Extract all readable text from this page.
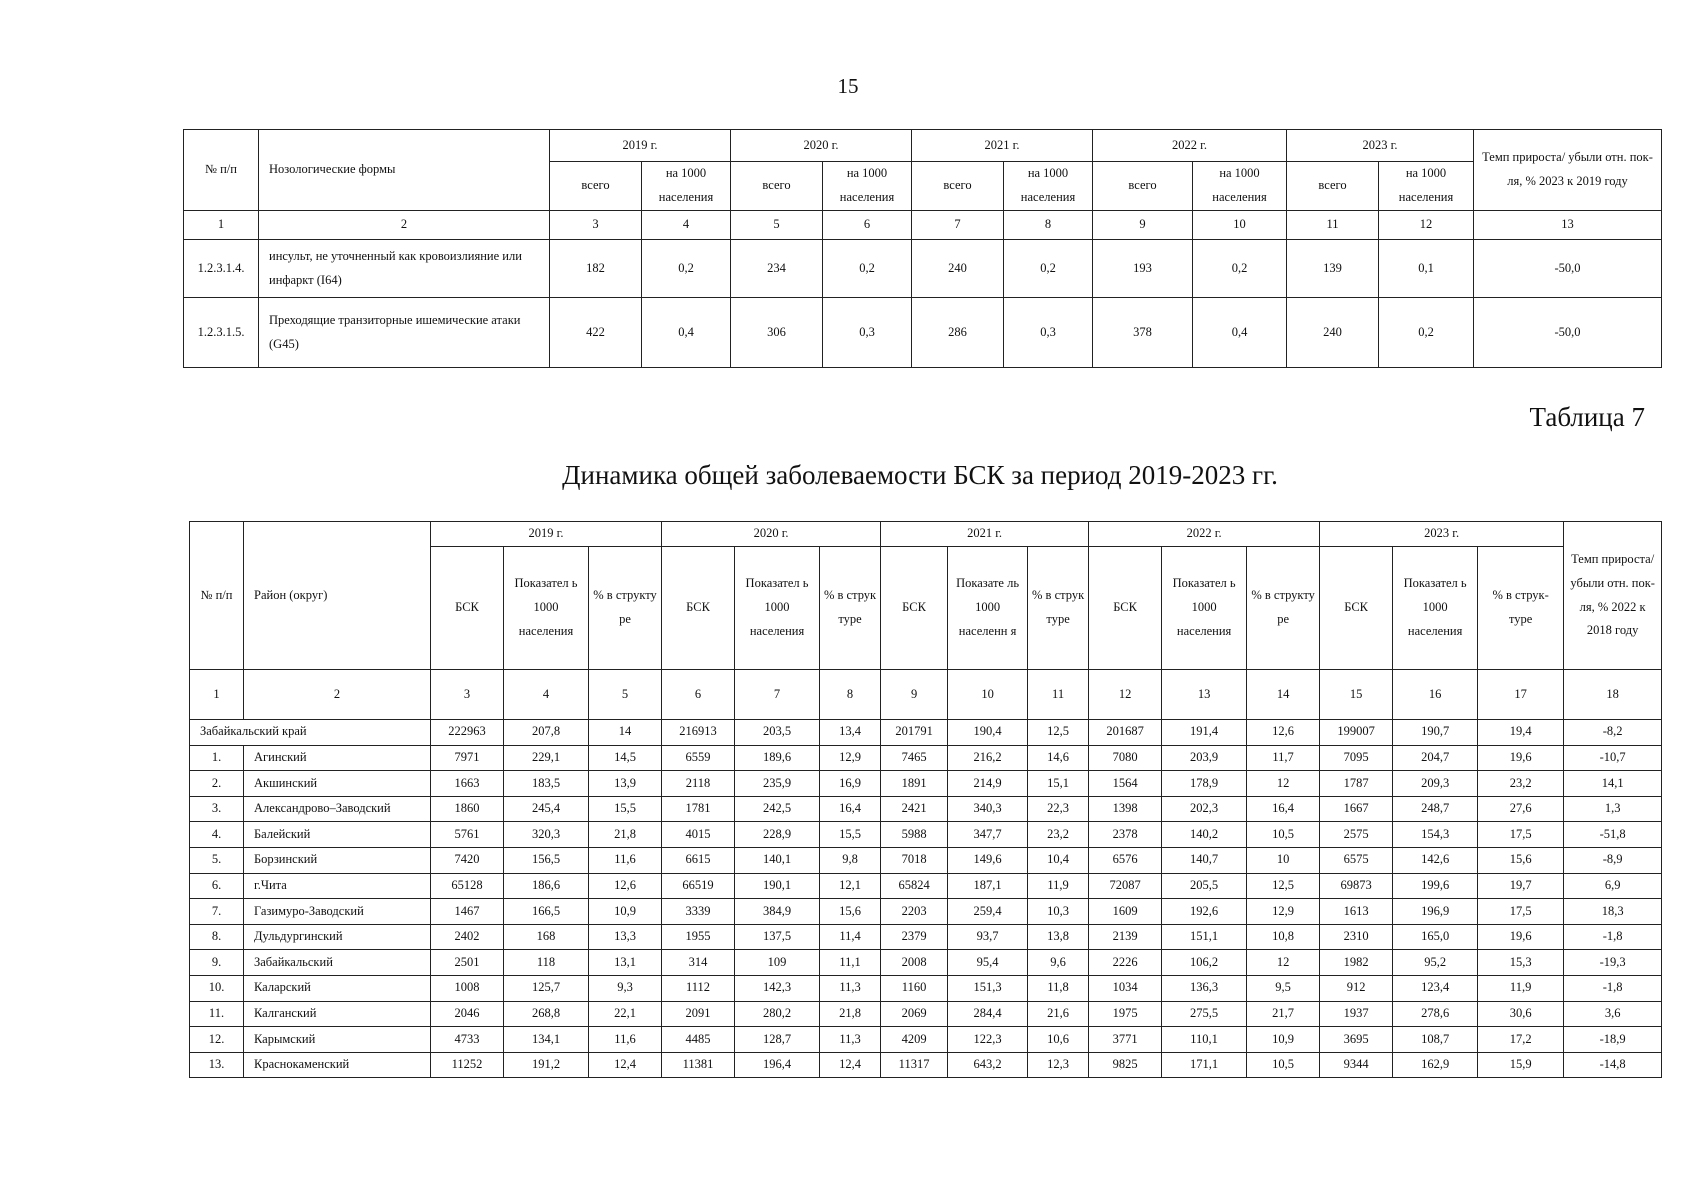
15
№ п/п	Нозологические формы	2019 г.		2020 г.		2021 г.		2022 г.		2023 г.		Темп прироста/ убыли отн. пок-ля, % 2023 к 2019 году
		всего	на 1000 населения	всего	на 1000 населения	всего	на 1000 населения	всего	на 1000 населения	всего	на 1000 населения	
1	2	3	4	5	6	7	8	9	10	11	12	13
1.2.3.1.4.	инсульт, не уточненный как кровоизлияние или инфаркт (I64)	182	0,2	234	0,2	240	0,2	193	0,2	139	0,1	-50,0
1.2.3.1.5.	Преходящие транзиторные ишемические атаки (G45)	422	0,4	306	0,3	286	0,3	378	0,4	240	0,2	-50,0
Таблица 7
Динамика общей заболеваемости БСК за период 2019-2023 гг.
№ п/п	Район (округ)	2019 г.			2020 г.			2021 г.			2022 г.			2023 г.			Темп прироста/ убыли отн. пок-ля, % 2022 к 2018 году
		БСК	Показател ь 1000 населения	% в структу ре	БСК	Показател ь 1000 населения	% в струк туре	БСК	Показате ль 1000 населенн я	% в струк туре	БСК	Показател ь 1000 населения	% в структу ре	БСК	Показател ь 1000 населения	% в струк- туре	
1	2	3	4	5	6	7	8	9	10	11	12	13	14	15	16	17	18
Забайкальский край		222963	207,8	14	216913	203,5	13,4	201791	190,4	12,5	201687	191,4	12,6	199007	190,7	19,4	-8,2
1.	Агинский	7971	229,1	14,5	6559	189,6	12,9	7465	216,2	14,6	7080	203,9	11,7	7095	204,7	19,6	-10,7
2.	Акшинский	1663	183,5	13,9	2118	235,9	16,9	1891	214,9	15,1	1564	178,9	12	1787	209,3	23,2	14,1
3.	Александрово–Заводский	1860	245,4	15,5	1781	242,5	16,4	2421	340,3	22,3	1398	202,3	16,4	1667	248,7	27,6	1,3
4.	Балейский	5761	320,3	21,8	4015	228,9	15,5	5988	347,7	23,2	2378	140,2	10,5	2575	154,3	17,5	-51,8
5.	Борзинский	7420	156,5	11,6	6615	140,1	9,8	7018	149,6	10,4	6576	140,7	10	6575	142,6	15,6	-8,9
6.	г.Чита	65128	186,6	12,6	66519	190,1	12,1	65824	187,1	11,9	72087	205,5	12,5	69873	199,6	19,7	6,9
7.	Газимуро-Заводский	1467	166,5	10,9	3339	384,9	15,6	2203	259,4	10,3	1609	192,6	12,9	1613	196,9	17,5	18,3
8.	Дульдургинский	2402	168	13,3	1955	137,5	11,4	2379	93,7	13,8	2139	151,1	10,8	2310	165,0	19,6	-1,8
9.	Забайкальский	2501	118	13,1	314	109	11,1	2008	95,4	9,6	2226	106,2	12	1982	95,2	15,3	-19,3
10.	Каларский	1008	125,7	9,3	1112	142,3	11,3	1160	151,3	11,8	1034	136,3	9,5	912	123,4	11,9	-1,8
11.	Калганский	2046	268,8	22,1	2091	280,2	21,8	2069	284,4	21,6	1975	275,5	21,7	1937	278,6	30,6	3,6
12.	Карымский	4733	134,1	11,6	4485	128,7	11,3	4209	122,3	10,6	3771	110,1	10,9	3695	108,7	17,2	-18,9
13.	Краснокаменский	11252	191,2	12,4	11381	196,4	12,4	11317	643,2	12,3	9825	171,1	10,5	9344	162,9	15,9	-14,8
